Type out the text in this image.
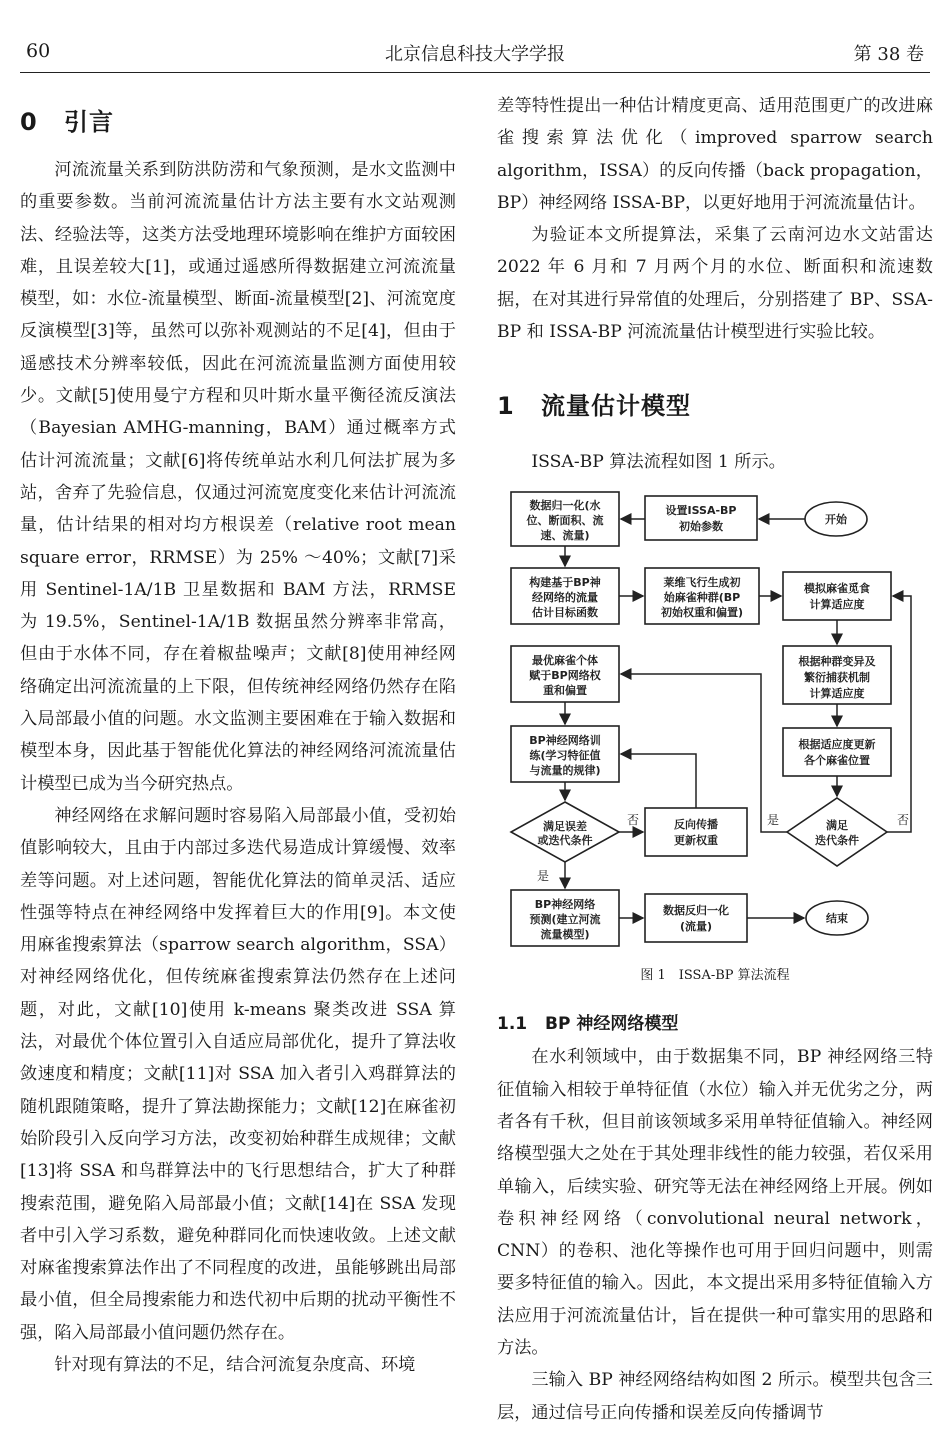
60	北京信息科技大学学报	第 38 卷
0 引言

河流流量关系到防洪防涝和气象预测，是水文监测中的重要参数。当前河流流量估计方法主要有水文站观测法、经验法等，这类方法受地理环境影响在维护方面较困难，且误差较大[1]，或通过遥感所得数据建立河流流量模型，如：水位-流量模型、断面-流量模型[2]、河流宽度反演模型[3]等，虽然可以弥补观测站的不足[4]，但由于遥感技术分辨率较低，因此在河流流量监测方面使用较少。文献[5]使用曼宁方程和贝叶斯水量平衡径流反演法（Bayesian AMHG-manning，BAM）通过概率方式估计河流流量；文献[6]将传统单站水利几何法扩展为多站，舍弃了先验信息，仅通过河流宽度变化来估计河流流量，估计结果的相对均方根误差（relative root mean square error，RRMSE）为 25% ～40%；文献[7]采用 Sentinel-1A/1B 卫星数据和 BAM 方法，RRMSE 为 19.5%，Sentinel-1A/1B 数据虽然分辨率非常高，但由于水体不同，存在着椒盐噪声；文献[8]使用神经网络确定出河流流量的上下限，但传统神经网络仍然存在陷入局部最小值的问题。水文监测主要困难在于输入数据和模型本身，因此基于智能优化算法的神经网络河流流量估计模型已成为当今研究热点。

神经网络在求解问题时容易陷入局部最小值，受初始值影响较大，且由于内部过多迭代易造成计算缓慢、效率差等问题。对上述问题，智能优化算法的简单灵活、适应性强等特点在神经网络中发挥着巨大的作用[9]。本文使用麻雀搜索算法（sparrow search algorithm，SSA）对神经网络优化，但传统麻雀搜索算法仍然存在上述问题，对此，文献[10]使用 k-means 聚类改进 SSA 算法，对最优个体位置引入自适应局部优化，提升了算法收敛速度和精度；文献[11]对 SSA 加入者引入鸡群算法的随机跟随策略，提升了算法勘探能力；文献[12]在麻雀初始阶段引入反向学习方法，改变初始种群生成规律；文献[13]将 SSA 和鸟群算法中的飞行思想结合，扩大了种群搜索范围，避免陷入局部最小值；文献[14]在 SSA 发现者中引入学习系数，避免种群同化而快速收敛。上述文献对麻雀搜索算法作出了不同程度的改进，虽能够跳出局部最小值，但全局搜索能力和迭代初中后期的扰动平衡性不强，陷入局部最小值问题仍然存在。

针对现有算法的不足，结合河流复杂度高、环境

差等特性提出一种估计精度更高、适用范围更广的改进麻雀搜索算法优化（improved sparrow search algorithm，ISSA）的反向传播（back propagation，BP）神经网络 ISSA-BP，以更好地用于河流流量估计。

为验证本文所提算法，采集了云南河边水文站雷达 2022 年 6 月和 7 月两个月的水位、断面积和流速数据，在对其进行异常值的处理后，分别搭建了 BP、SSA-BP 和 ISSA-BP 河流流量估计模型进行实验比较。

1 流量估计模型

ISSA-BP 算法流程如图 1 所示。

数据归一化(水
位、断面积、流
速、流量)
设置ISSA-BP
初始参数
开始
构建基于BP神
经网络的流量
估计目标函数
莱维飞行生成初
始麻雀种群(BP
初始权重和偏置)
模拟麻雀觅食
计算适应度
最优麻雀个体
赋于BP网络权
重和偏置
根据种群变异及
繁衍捕获机制
计算适应度
BP神经网络训
练(学习特征值
与流量的规律)
根据适应度更新
各个麻雀位置
满足误差
或迭代条件
反向传播
更新权重
满足
迭代条件
否	是	否
是
BP神经网络
预测(建立河流
流量模型)
数据反归一化
(流量)
结束
图 1　ISSA-BP 算法流程
1.1 BP 神经网络模型

在水利领域中，由于数据集不同，BP 神经网络三特征值输入相较于单特征值（水位）输入并无优劣之分，两者各有千秋，但目前该领域多采用单特征值输入。神经网络模型强大之处在于其处理非线性的能力较强，若仅采用单输入，后续实验、研究等无法在神经网络上开展。例如卷积神经网络（convolutional neural network，CNN）的卷积、池化等操作也可用于回归问题中，则需要多特征值的输入。因此，本文提出采用多特征值输入方法应用于河流流量估计，旨在提供一种可靠实用的思路和方法。

三输入 BP 神经网络结构如图 2 所示。模型共包含三层，通过信号正向传播和误差反向传播调节
